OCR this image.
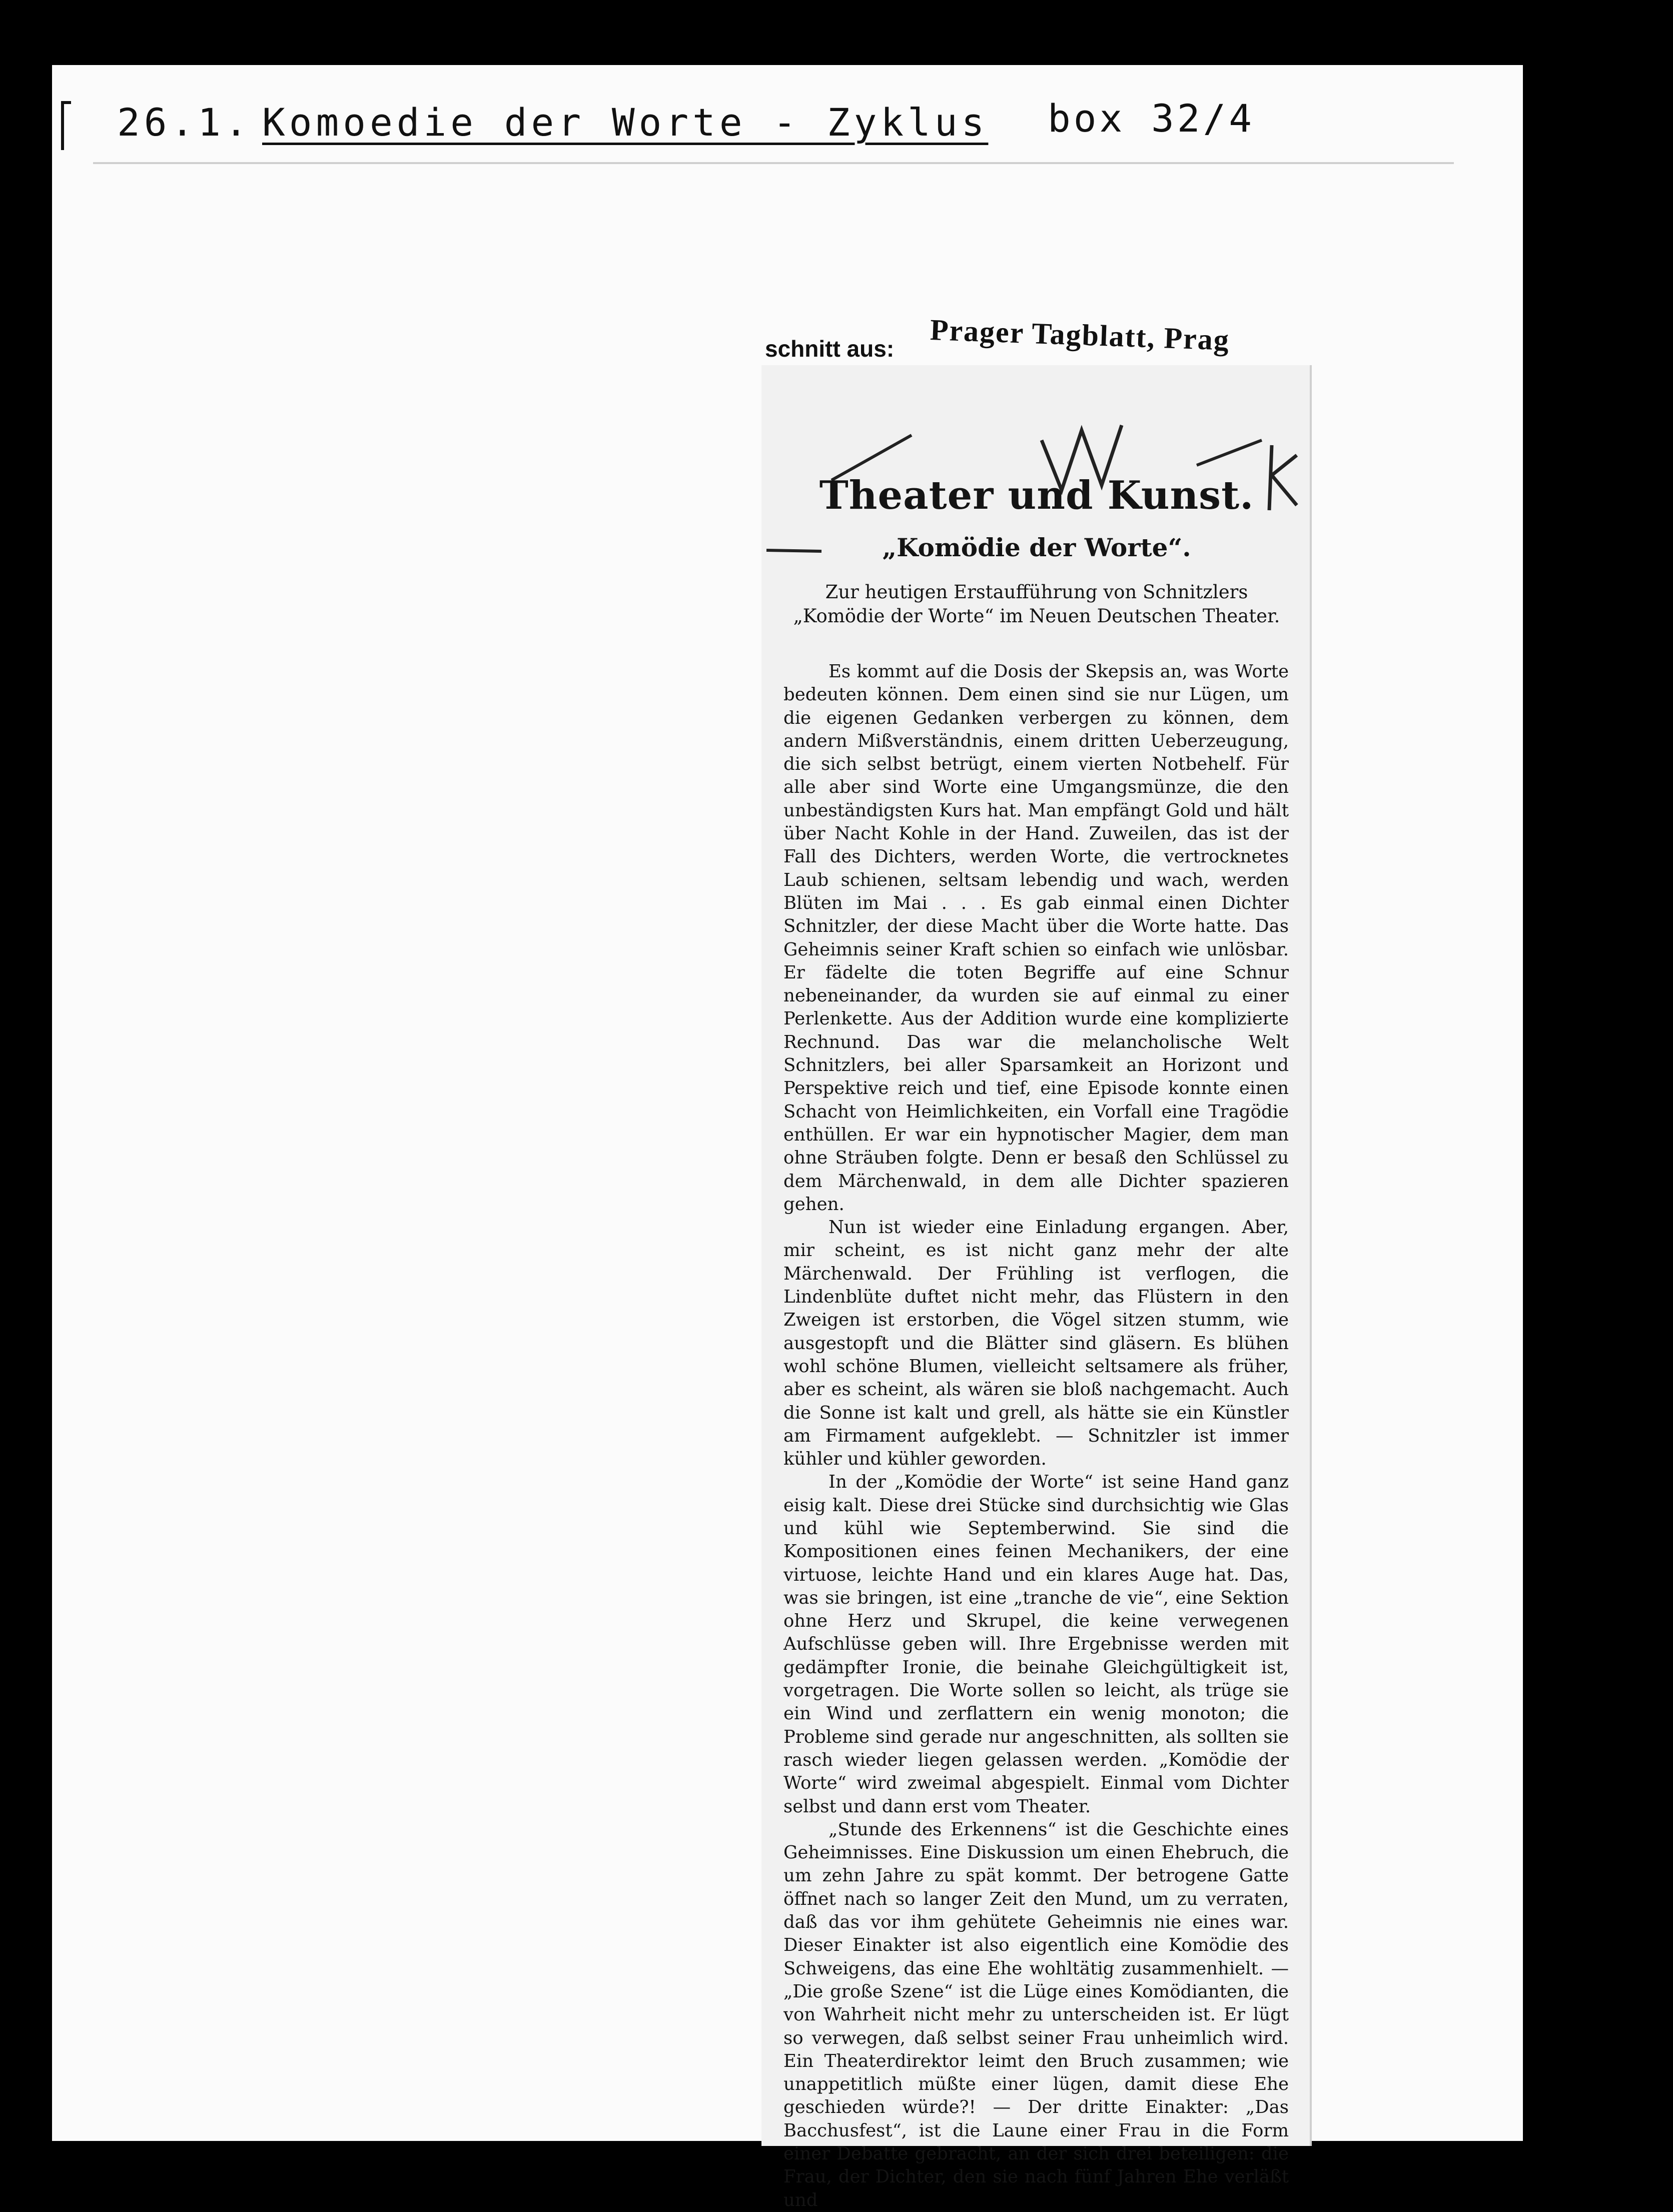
26.1. Komoedie der Worte - Zyklus box 32/4
schnitt aus: Prager Tagblatt, Prag
Theater und Kunst.
„Komödie der Worte“.
Zur heutigen Erstaufführung von Schnitzlers „Komödie der Worte“ im Neuen Deutschen Theater.

Es kommt auf die Dosis der Skepsis an, was Worte bedeuten können. Dem einen sind sie nur Lügen, um die eigenen Gedanken verbergen zu können, dem andern Mißverständnis, einem dritten Ueberzeugung, die sich selbst betrügt, einem vierten Notbehelf. Für alle aber sind Worte eine Umgangsmünze, die den unbeständigsten Kurs hat. Man empfängt Gold und hält über Nacht Kohle in der Hand. Zuweilen, das ist der Fall des Dichters, werden Worte, die vertrocknetes Laub schienen, seltsam lebendig und wach, werden Blüten im Mai . . . Es gab einmal einen Dichter Schnitzler, der diese Macht über die Worte hatte. Das Geheimnis seiner Kraft schien so einfach wie unlösbar. Er fädelte die toten Begriffe auf eine Schnur nebeneinander, da wurden sie auf einmal zu einer Perlenkette. Aus der Addition wurde eine komplizierte Rechnund. Das war die melancholische Welt Schnitzlers, bei aller Sparsamkeit an Horizont und Perspektive reich und tief, eine Episode konnte einen Schacht von Heimlichkeiten, ein Vorfall eine Tragödie enthüllen. Er war ein hypnotischer Magier, dem man ohne Sträuben folgte. Denn er besaß den Schlüssel zu dem Märchenwald, in dem alle Dichter spazieren gehen.

Nun ist wieder eine Einladung ergangen. Aber, mir scheint, es ist nicht ganz mehr der alte Märchenwald. Der Frühling ist verflogen, die Lindenblüte duftet nicht mehr, das Flüstern in den Zweigen ist erstorben, die Vögel sitzen stumm, wie ausgestopft und die Blätter sind gläsern. Es blühen wohl schöne Blumen, vielleicht seltsamere als früher, aber es scheint, als wären sie bloß nachgemacht. Auch die Sonne ist kalt und grell, als hätte sie ein Künstler am Firmament aufgeklebt. — Schnitzler ist immer kühler und kühler geworden.

In der „Komödie der Worte“ ist seine Hand ganz eisig kalt. Diese drei Stücke sind durchsichtig wie Glas und kühl wie Septemberwind. Sie sind die Kompositionen eines feinen Mechanikers, der eine virtuose, leichte Hand und ein klares Auge hat. Das, was sie bringen, ist eine „tranche de vie“, eine Sektion ohne Herz und Skrupel, die keine verwegenen Aufschlüsse geben will. Ihre Ergebnisse werden mit gedämpfter Ironie, die beinahe Gleichgültigkeit ist, vorgetragen. Die Worte sollen so leicht, als trüge sie ein Wind und zerflattern ein wenig monoton; die Probleme sind gerade nur angeschnitten, als sollten sie rasch wieder liegen gelassen werden. „Komödie der Worte“ wird zweimal abgespielt. Einmal vom Dichter selbst und dann erst vom Theater.

„Stunde des Erkennens“ ist die Geschichte eines Geheimnisses. Eine Diskussion um einen Ehebruch, die um zehn Jahre zu spät kommt. Der betrogene Gatte öffnet nach so langer Zeit den Mund, um zu verraten, daß das vor ihm gehütete Geheimnis nie eines war. Dieser Einakter ist also eigentlich eine Komödie des Schweigens, das eine Ehe wohltätig zusammenhielt. — „Die große Szene“ ist die Lüge eines Komödianten, die von Wahrheit nicht mehr zu unterscheiden ist. Er lügt so verwegen, daß selbst seiner Frau unheimlich wird. Ein Theaterdirektor leimt den Bruch zusammen; wie unappetitlich müßte einer lügen, damit diese Ehe geschieden würde?! — Der dritte Einakter: „Das Bacchusfest“, ist die Laune einer Frau in die Form einer Debatte gebracht, an der sich drei beteiligen: die Frau, der Dichter, den sie nach fünf Jahren Ehe verläßt und
